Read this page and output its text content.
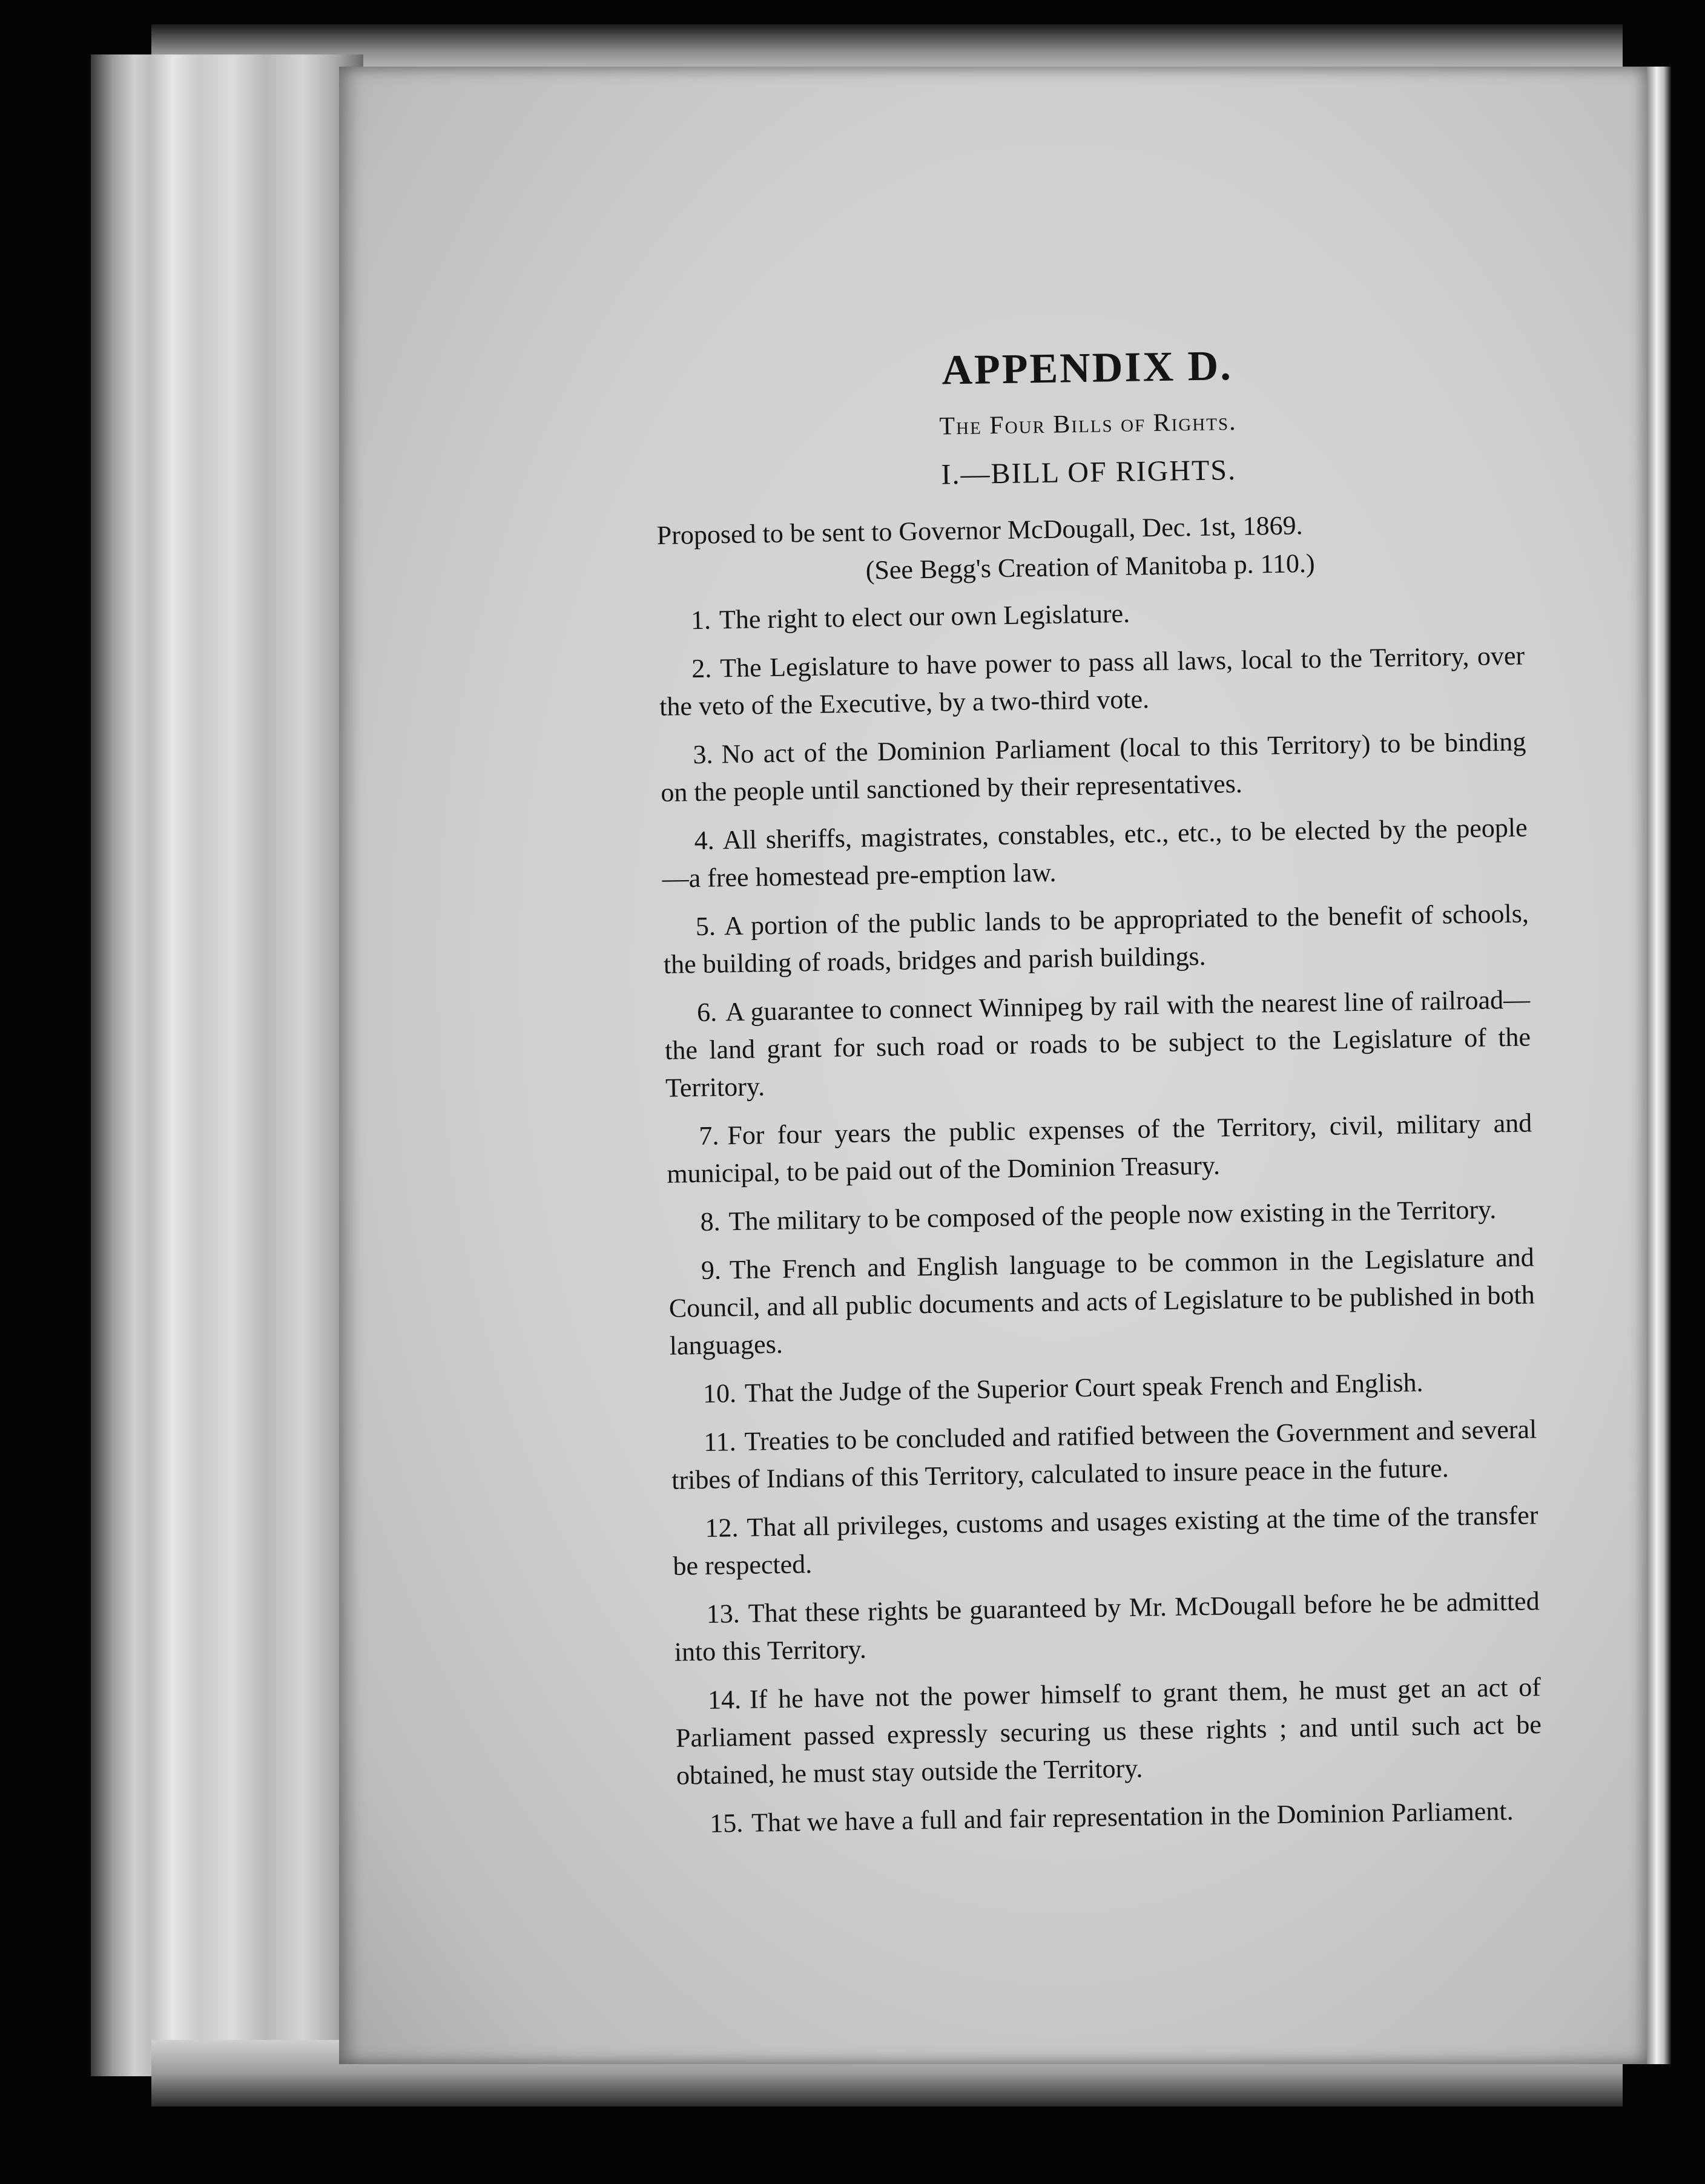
APPENDIX D.
The Four Bills of Rights.
I.—BILL OF RIGHTS.
Proposed to be sent to Governor McDougall, Dec. 1st, 1869.
(See Begg's Creation of Manitoba p. 110.)

1. The right to elect our own Legislature.

2. The Legislature to have power to pass all laws, local to the Territory, over the veto of the Executive, by a two-third vote.

3. No act of the Dominion Parliament (local to this Territory) to be binding on the people until sanctioned by their representatives.

4. All sheriffs, magistrates, constables, etc., etc., to be elected by the people—a free homestead pre-emption law.

5. A portion of the public lands to be appropriated to the benefit of schools, the building of roads, bridges and parish buildings.

6. A guarantee to connect Winnipeg by rail with the nearest line of railroad—the land grant for such road or roads to be subject to the Legislature of the Territory.

7. For four years the public expenses of the Territory, civil, military and municipal, to be paid out of the Dominion Treasury.

8. The military to be composed of the people now existing in the Territory.

9. The French and English language to be common in the Legislature and Council, and all public documents and acts of Legislature to be published in both languages.

10. That the Judge of the Superior Court speak French and English.

11. Treaties to be concluded and ratified between the Government and several tribes of Indians of this Territory, calculated to insure peace in the future.

12. That all privileges, customs and usages existing at the time of the transfer be respected.

13. That these rights be guaranteed by Mr. McDougall before he be admitted into this Territory.

14. If he have not the power himself to grant them, he must get an act of Parliament passed expressly securing us these rights ; and until such act be obtained, he must stay outside the Territory.

15. That we have a full and fair representation in the Dominion Parliament.
